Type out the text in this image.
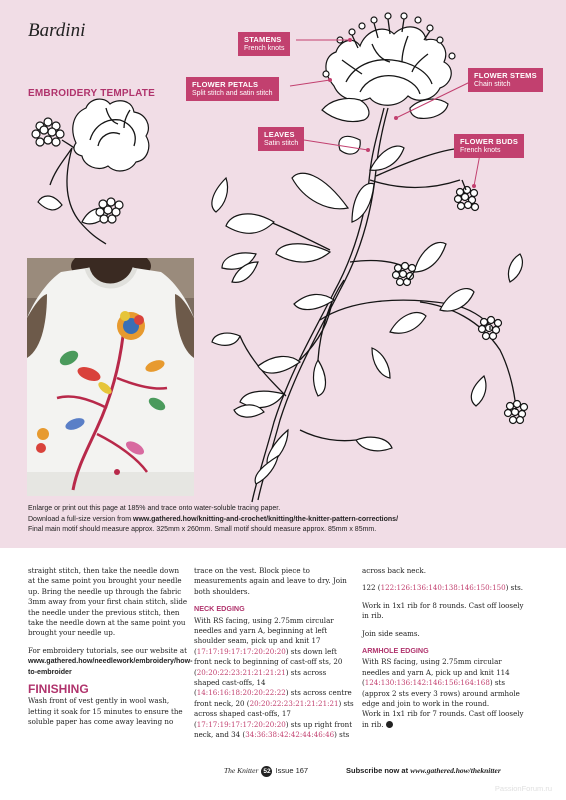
Bardini
EMBROIDERY TEMPLATE
STAMENS
French knots
FLOWER PETALS
Split stitch and satin stitch
FLOWER STEMS
Chain stitch
LEAVES
Satin stitch	FLOWER BUDS
French knots
Enlarge or print out this page at 185% and trace onto water-soluble tracing paper.
Download a full-size version from www.gathered.how/knitting-and-crochet/knitting/the-knitter-pattern-corrections/
Final main motif should measure approx. 325mm x 260mm. Small motif should measure approx. 85mm x 85mm.

straight stitch, then take the needle down at the same point you brought your needle up. Bring the needle up through the fabric 3mm away from your first chain stitch, slide the needle under the previous stitch, then take the needle down at the same point you brought your needle up.

For embroidery tutorials, see our website at www.gathered.how/needlework/embroidery/how-to-embroider

FINISHING

Wash front of vest gently in wool wash, letting it soak for 15 minutes to ensure the soluble paper has come away leaving no

trace on the vest. Block piece to measurements again and leave to dry. Join both shoulders.

NECK EDGING

With RS facing, using 2.75mm circular needles and yarn A, beginning at left shoulder seam, pick up and knit 17 (17:17:19:17:17:20:20:20) sts down left front neck to beginning of cast-off sts, 20 (20:20:22:23:21:21:21:21) sts across shaped cast-offs, 14 (14:16:16:18:20:20:22:22) sts across centre front neck, 20 (20:20:22:23:21:21:21:21) sts across shaped cast-offs, 17 (17:17:19:17:17:20:20:20) sts up right front neck, and 34 (34:36:38:42:42:44:46:46) sts

across back neck.

122 (122:126:136:140:138:146:150:150) sts.

Work in 1x1 rib for 8 rounds. Cast off loosely in rib.

Join side seams.

ARMHOLE EDGING

With RS facing, using 2.75mm circular needles and yarn A, pick up and knit 114 (124:130:136:142:146:156:164:168) sts (approx 2 sts every 3 rows) around armhole edge and join to work in the round.

Work in 1x1 rib for 7 rounds. Cast off loosely in rib.

The Knitter 52 Issue 167	Subscribe now at www.gathered.how/theknitter
PassionForum.ru
